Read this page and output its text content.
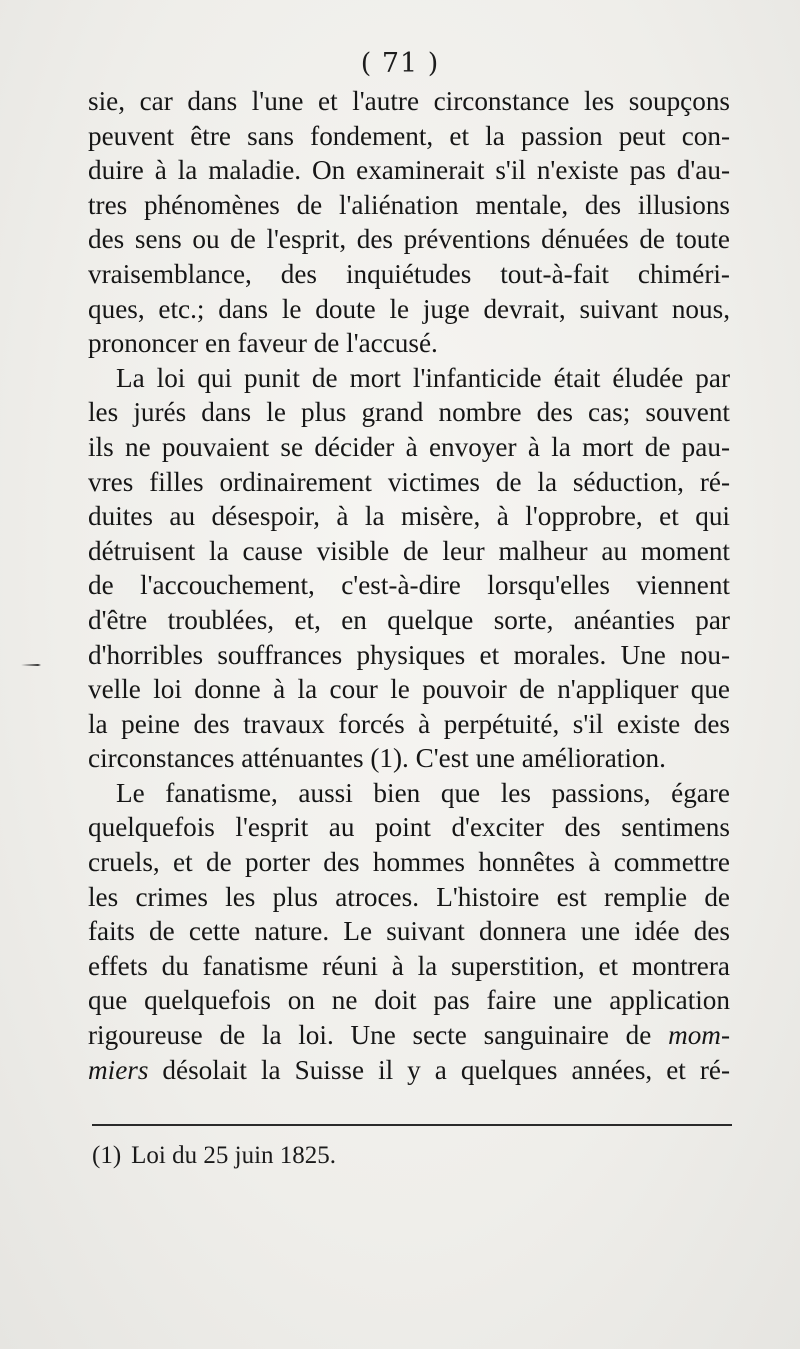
( 71 )
sie, car dans l'une et l'autre circonstance les soupçons
peuvent être sans fondement, et la passion peut con-
duire à la maladie. On examinerait s'il n'existe pas d'au-
tres phénomènes de l'aliénation mentale, des illusions
des sens ou de l'esprit, des préventions dénuées de toute
vraisemblance, des inquiétudes tout-à-fait chiméri-
ques, etc.; dans le doute le juge devrait, suivant nous,
prononcer en faveur de l'accusé.
La loi qui punit de mort l'infanticide était éludée par
les jurés dans le plus grand nombre des cas; souvent
ils ne pouvaient se décider à envoyer à la mort de pau-
vres filles ordinairement victimes de la séduction, ré-
duites au désespoir, à la misère, à l'opprobre, et qui
détruisent la cause visible de leur malheur au moment
de l'accouchement, c'est-à-dire lorsqu'elles viennent
d'être troublées, et, en quelque sorte, anéanties par
d'horribles souffrances physiques et morales. Une nou-
velle loi donne à la cour le pouvoir de n'appliquer que
la peine des travaux forcés à perpétuité, s'il existe des
circonstances atténuantes (1). C'est une amélioration.
Le fanatisme, aussi bien que les passions, égare
quelquefois l'esprit au point d'exciter des sentimens
cruels, et de porter des hommes honnêtes à commettre
les crimes les plus atroces. L'histoire est remplie de
faits de cette nature. Le suivant donnera une idée des
effets du fanatisme réuni à la superstition, et montrera
que quelquefois on ne doit pas faire une application
rigoureuse de la loi. Une secte sanguinaire de mom-
miers désolait la Suisse il y a quelques années, et ré-
(1) Loi du 25 juin 1825.
